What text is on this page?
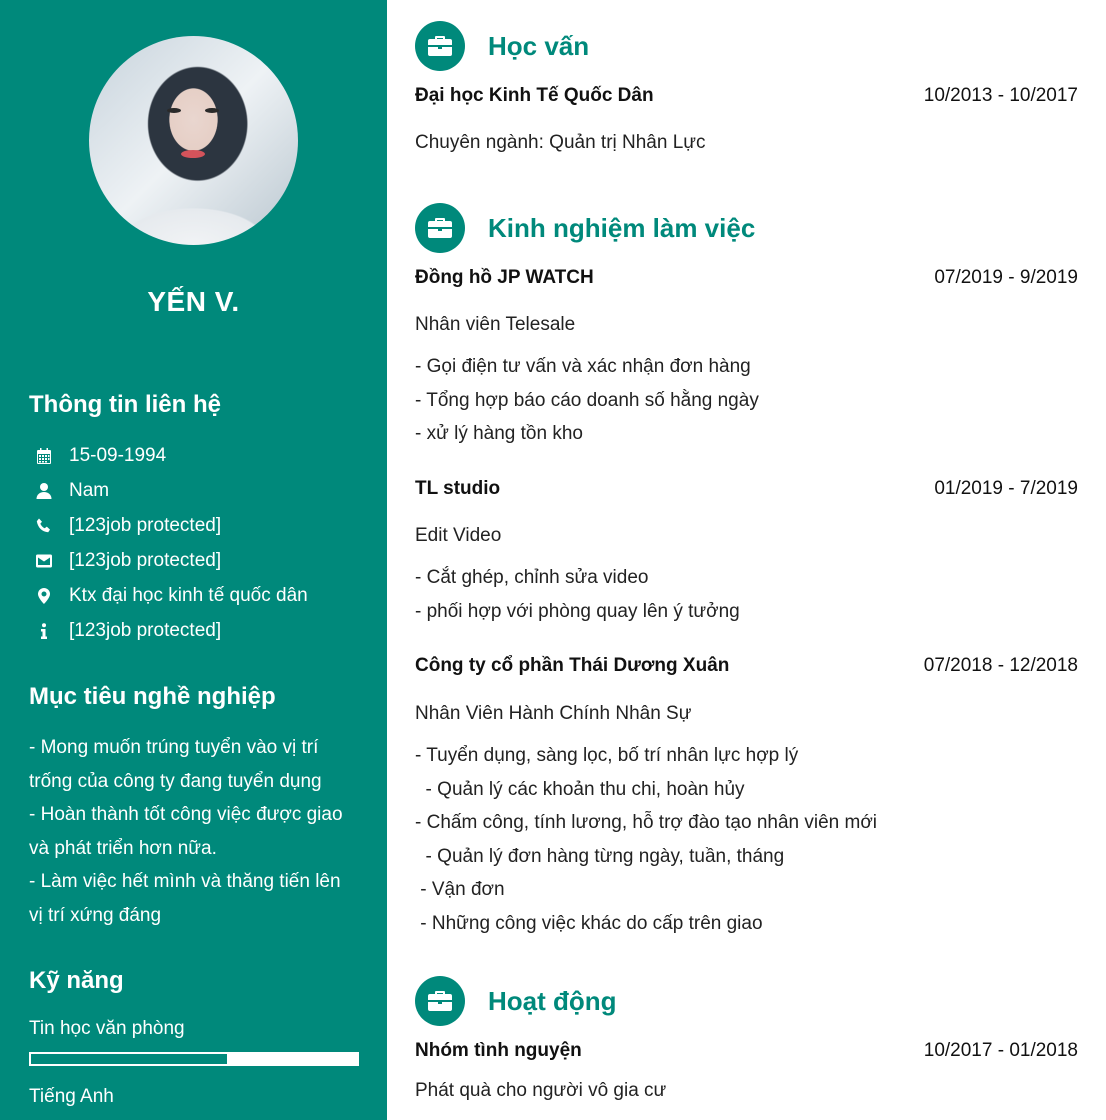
YẾN V.
Thông tin liên hệ
15-09-1994
Nam
[123job protected]
[123job protected]
Ktx đại học kinh tế quốc dân
[123job protected]
Mục tiêu nghề nghiệp

- Mong muốn trúng tuyển vào vị trí

trống của công ty đang tuyển dụng

- Hoàn thành tốt công việc được giao

và phát triển hơn nữa.

- Làm việc hết mình và thăng tiến lên

vị trí xứng đáng

Kỹ năng
Tin học văn phòng
Tiếng Anh
Học vấn
Đại học Kinh Tế Quốc Dân	10/2013 - 10/2017
Chuyên ngành: Quản trị Nhân Lực
Kinh nghiệm làm việc
Đồng hồ JP WATCH	07/2019 - 9/2019
Nhân viên Telesale
- Gọi điện tư vấn và xác nhận đơn hàng
- Tổng hợp báo cáo doanh số hằng ngày
- xử lý hàng tồn kho
TL studio	01/2019 - 7/2019
Edit Video
- Cắt ghép, chỉnh sửa video
- phối hợp với phòng quay lên ý tưởng
Công ty cổ phần Thái Dương Xuân	07/2018 - 12/2018
Nhân Viên Hành Chính Nhân Sự
- Tuyển dụng, sàng lọc, bố trí nhân lực hợp lý
- Quản lý các khoản thu chi, hoàn hủy
- Chấm công, tính lương, hỗ trợ đào tạo nhân viên mới
- Quản lý đơn hàng từng ngày, tuần, tháng
- Vận đơn
- Những công việc khác do cấp trên giao
Hoạt động
Nhóm tình nguyện	10/2017 - 01/2018
Phát quà cho người vô gia cư
